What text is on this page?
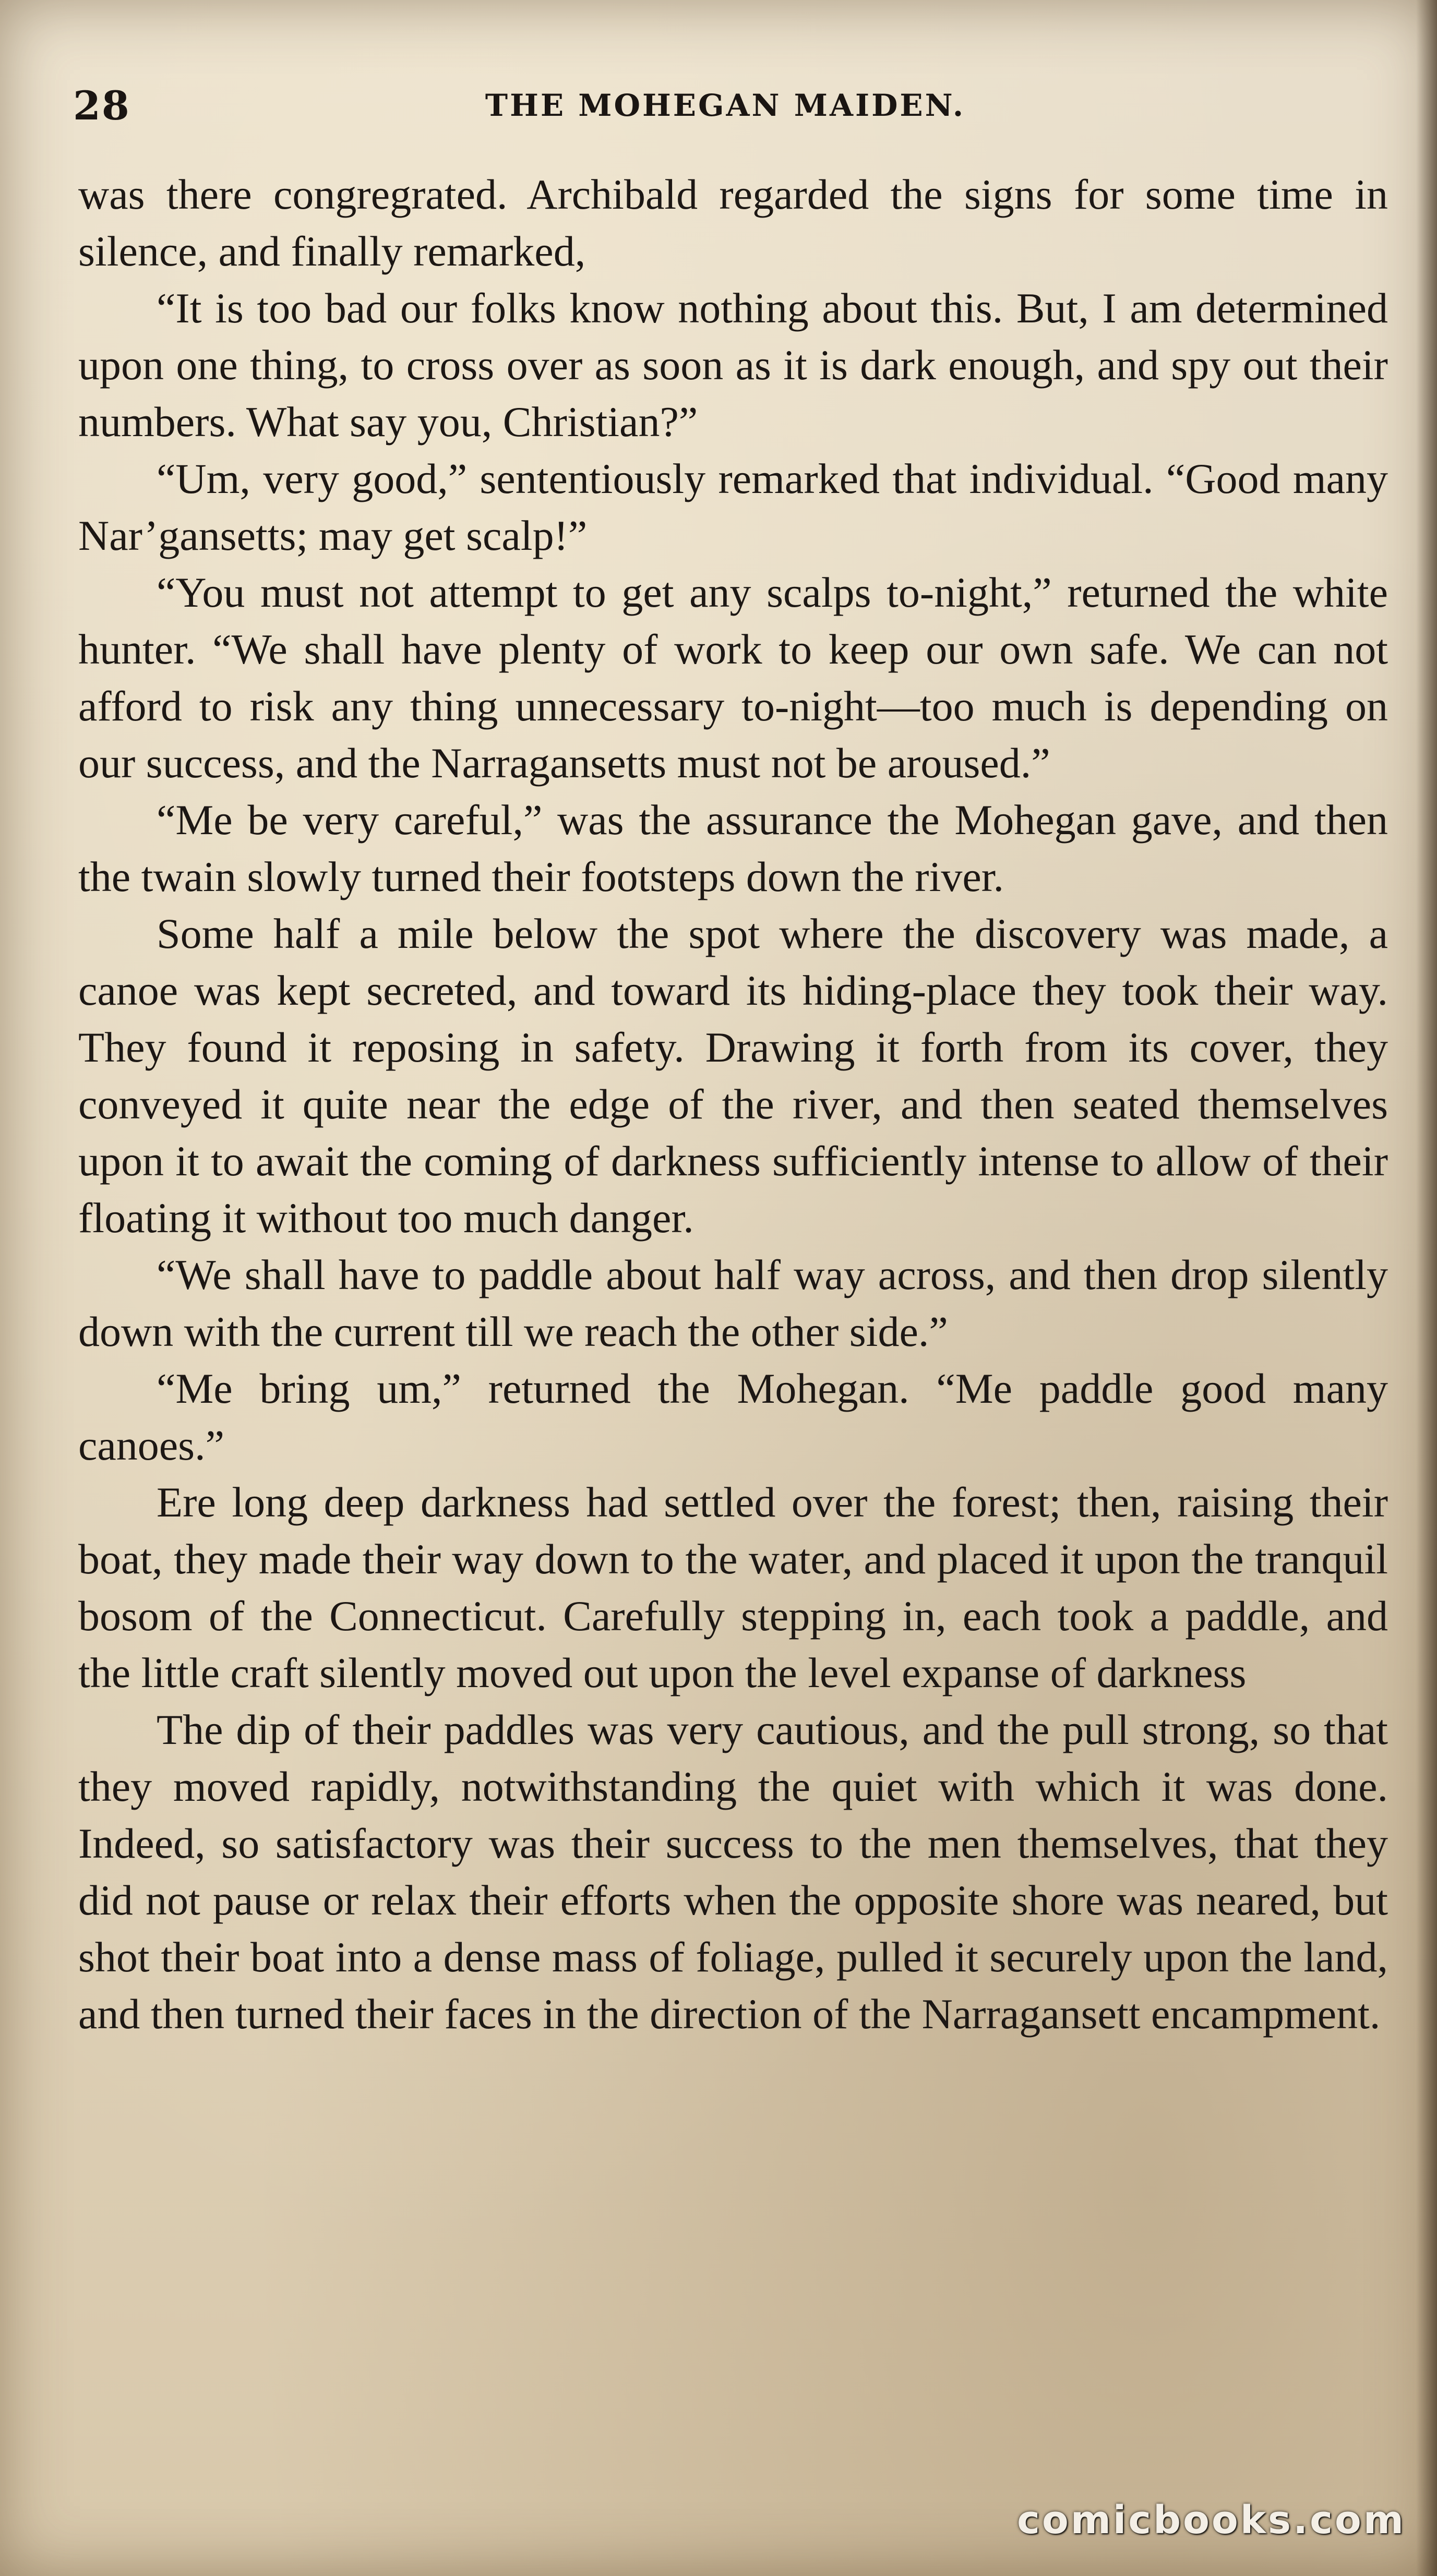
28	THE MOHEGAN MAIDEN.

was there congregrated. Archibald regarded the signs for some time in silence, and finally remarked,

“It is too bad our folks know nothing about this. But, I am determined upon one thing, to cross over as soon as it is dark enough, and spy out their numbers. What say you, Christian?”

“Um, very good,” sententiously remarked that individual. “Good many Nar’gansetts; may get scalp!”

“You must not attempt to get any scalps to-night,” returned the white hunter. “We shall have plenty of work to keep our own safe. We can not afford to risk any thing unnecessary to-night—too much is depending on our success, and the Narragansetts must not be aroused.”

“Me be very careful,” was the assurance the Mohegan gave, and then the twain slowly turned their footsteps down the river.

Some half a mile below the spot where the discovery was made, a canoe was kept secreted, and toward its hiding-place they took their way. They found it reposing in safety. Drawing it forth from its cover, they conveyed it quite near the edge of the river, and then seated themselves upon it to await the coming of darkness sufficiently intense to allow of their floating it without too much danger.

“We shall have to paddle about half way across, and then drop silently down with the current till we reach the other side.”

“Me bring um,” returned the Mohegan. “Me paddle good many canoes.”

Ere long deep darkness had settled over the forest; then, raising their boat, they made their way down to the water, and placed it upon the tranquil bosom of the Connecticut. Carefully stepping in, each took a paddle, and the little craft silently moved out upon the level expanse of darkness

The dip of their paddles was very cautious, and the pull strong, so that they moved rapidly, notwithstanding the quiet with which it was done. Indeed, so satisfactory was their success to the men themselves, that they did not pause or relax their efforts when the opposite shore was neared, but shot their boat into a dense mass of foliage, pulled it securely upon the land, and then turned their faces in the direction of the Narragansett encampment.

comicbooks.com
